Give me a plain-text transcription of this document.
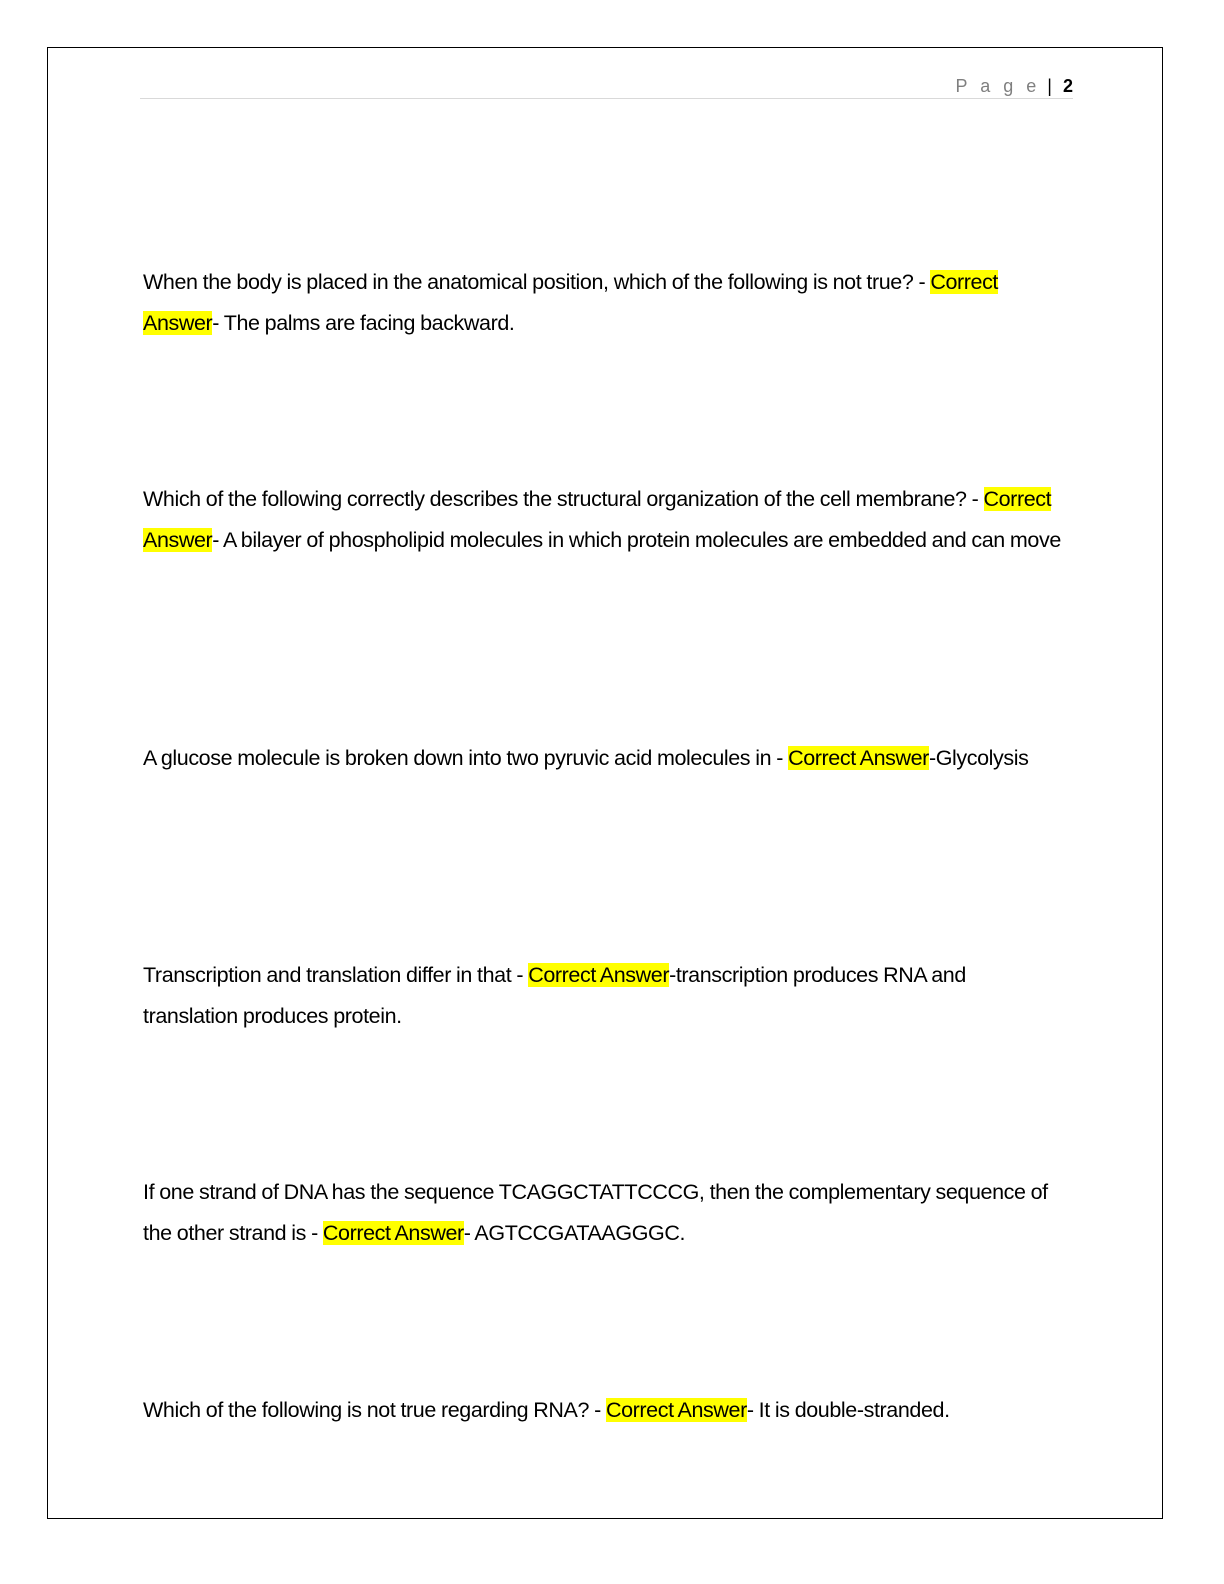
P a g e | 2

When the body is placed in the anatomical position, which of the following is not true? - Correct Answer- The palms are facing backward.

Which of the following correctly describes the structural organization of the cell membrane? - Correct Answer- A bilayer of phospholipid molecules in which protein molecules are embedded and can move

A glucose molecule is broken down into two pyruvic acid molecules in - Correct Answer-Glycolysis

Transcription and translation differ in that - Correct Answer-transcription produces RNA and translation produces protein.

If one strand of DNA has the sequence TCAGGCTATTCCCG, then the complementary sequence of the other strand is - Correct Answer- AGTCCGATAAGGGC.

Which of the following is not true regarding RNA? - Correct Answer- It is double-stranded.
